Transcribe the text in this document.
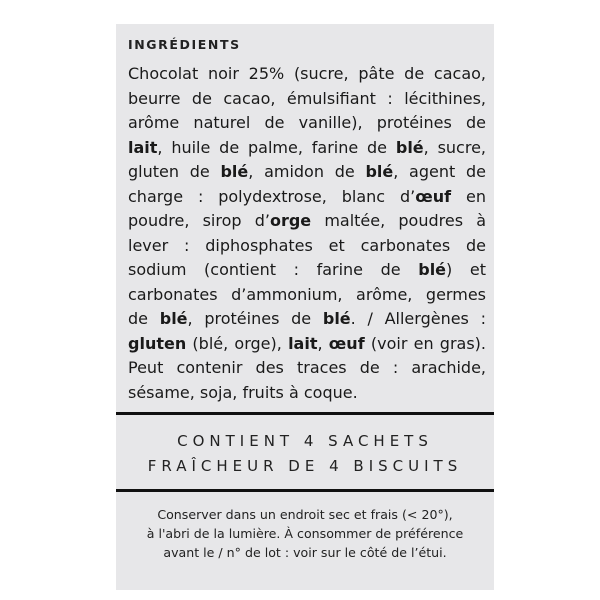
INGRÉDIENTS
Chocolat noir 25% (sucre, pâte de cacao,
beurre de cacao, émulsifiant : lécithines,
arôme naturel de vanille), protéines de
lait, huile de palme, farine de blé, sucre,
gluten de blé, amidon de blé, agent de
charge : polydextrose, blanc d’œuf en
poudre, sirop d’orge maltée, poudres à
lever : diphosphates et carbonates de
sodium (contient : farine de blé) et
carbonates d’ammonium, arôme, germes
de blé, protéines de blé. / Allergènes :
gluten (blé, orge), lait, œuf (voir en gras).
Peut contenir des traces de : arachide,
sésame, soja, fruits à coque.
CONTIENT 4 SACHETS
FRAÎCHEUR DE 4 BISCUITS
Conserver dans un endroit sec et frais (< 20°),
à l'abri de la lumière. À consommer de préférence
avant le / n° de lot : voir sur le côté de l’étui.
